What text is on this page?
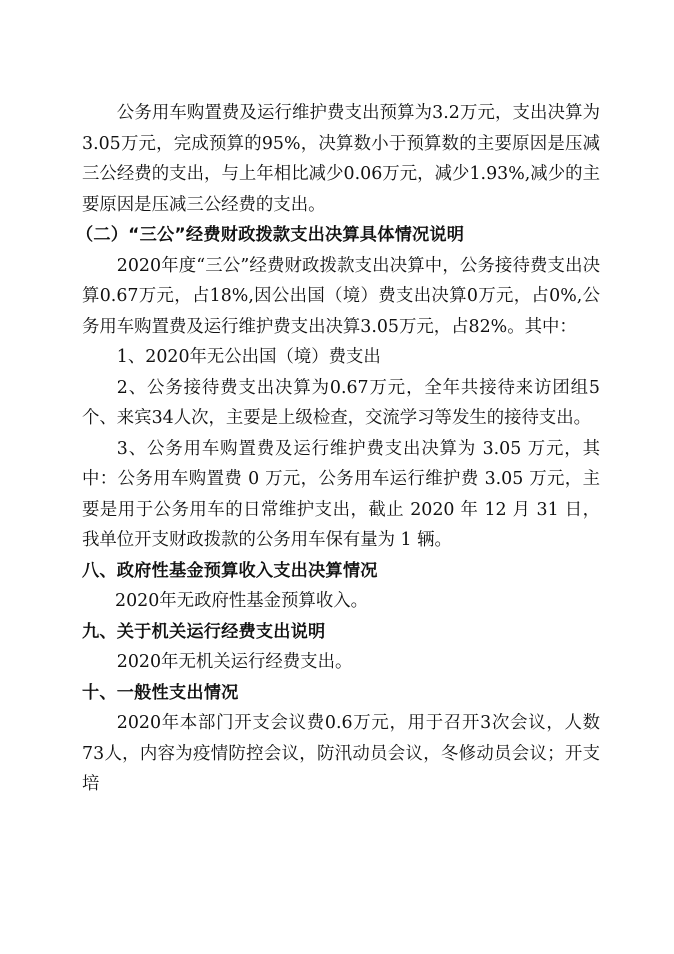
公务用车购置费及运行维护费支出预算为3.2万元，支出决算为3.05万元，完成预算的95%，决算数小于预算数的主要原因是压减三公经费的支出，与上年相比减少0.06万元，减少1.93%,减少的主要原因是压减三公经费的支出。

（二）“三公”经费财政拨款支出决算具体情况说明

2020年度“三公”经费财政拨款支出决算中，公务接待费支出决算0.67万元，占18%,因公出国（境）费支出决算0万元，占0%,公务用车购置费及运行维护费支出决算3.05万元，占82%。其中：

1、2020年无公出国（境）费支出

2、公务接待费支出决算为0.67万元，全年共接待来访团组5个、来宾34人次，主要是上级检查，交流学习等发生的接待支出。

3、公务用车购置费及运行维护费支出决算为 3.05 万元，其中：公务用车购置费 0 万元，公务用车运行维护费 3.05 万元，主要是用于公务用车的日常维护支出，截止 2020 年 12 月 31 日，我单位开支财政拨款的公务用车保有量为 1 辆。

八、政府性基金预算收入支出决算情况

2020年无政府性基金预算收入。

九、关于机关运行经费支出说明

2020年无机关运行经费支出。

十、一般性支出情况

2020年本部门开支会议费0.6万元，用于召开3次会议，人数73人，内容为疫情防控会议，防汛动员会议，冬修动员会议；开支培
